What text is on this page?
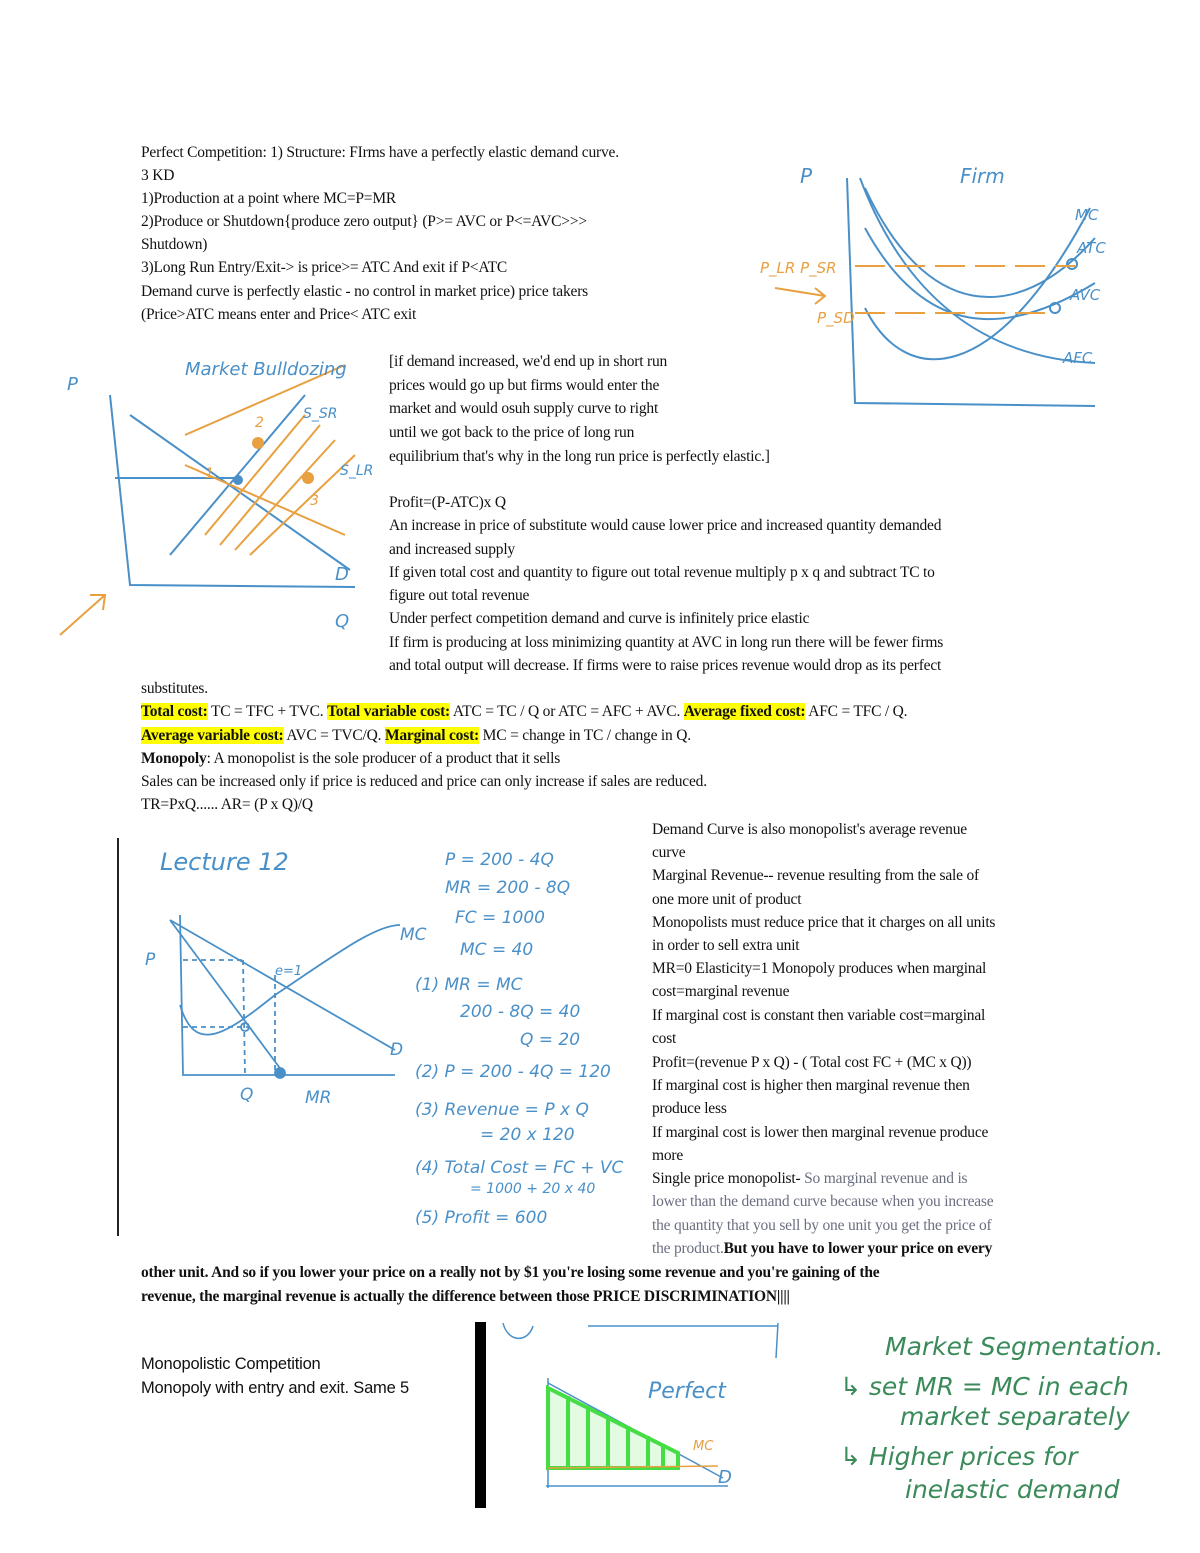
Perfect Competition: 1) Structure: FIrms have a perfectly elastic demand curve.
3 KD
1)Production at a point where MC=P=MR
2)Produce or Shutdown{produce zero output} (P>= AVC or P<=AVC>>>
Shutdown)
3)Long Run Entry/Exit-> is price>= ATC And exit if P<ATC
Demand curve is perfectly elastic - no control in market price) price takers
(Price>ATC means enter and Price< ATC exit
P	Firm
MC
ATC
AVC
AFC
P_LR P_SR
P_SD
P
Market Bulldozing
D
Q
S_SR
S_LR
1
2
3
[if demand increased, we'd end up in short run
prices would go up but firms would enter the
market and would osuh supply curve to right
until we got back to the price of long run
equilibrium that's why in the long run price is perfectly elastic.]
Profit=(P-ATC)x Q
An increase in price of substitute would cause lower price and increased quantity demanded
and increased supply
If given total cost and quantity to figure out total revenue multiply p x q and subtract TC to
figure out total revenue
Under perfect competition demand and curve is infinitely price elastic
If firm is producing at loss minimizing quantity at AVC in long run there will be fewer firms
and total output will decrease. If firms were to raise prices revenue would drop as its perfect
substitutes.
Total cost: TC = TFC + TVC. Total variable cost: ATC = TC / Q or ATC = AFC + AVC. Average fixed cost: AFC = TFC / Q.
Average variable cost: AVC = TVC/Q. Marginal cost: MC = change in TC / change in Q.
Monopoly: A monopolist is the sole producer of a product that it sells
Sales can be increased only if price is reduced and price can only increase if sales are reduced.
TR=PxQ...... AR= (P x Q)/Q
Lecture 12
P
Q	MR
MC
D
e=1
P = 200 - 4Q
MR = 200 - 8Q
FC = 1000
MC = 40
(1) MR = MC
200 - 8Q = 40
Q = 20
(2) P = 200 - 4Q = 120
(3) Revenue = P x Q
= 20 x 120
(4) Total Cost = FC + VC
= 1000 + 20 x 40
(5) Profit = 600
Demand Curve is also monopolist's average revenue
curve
Marginal Revenue-- revenue resulting from the sale of
one more unit of product
Monopolists must reduce price that it charges on all units
in order to sell extra unit
MR=0 Elasticity=1 Monopoly produces when marginal
cost=marginal revenue
If marginal cost is constant then variable cost=marginal
cost
Profit=(revenue P x Q) - ( Total cost FC + (MC x Q))
If marginal cost is higher then marginal revenue then
produce less
If marginal cost is lower then marginal revenue produce
more
Single price monopolist- So marginal revenue and is
lower than the demand curve because when you increase
the quantity that you sell by one unit you get the price of
the product.But you have to lower your price on every
other unit. And so if you lower your price on a really not by $1 you're losing some revenue and you're gaining of the
revenue, the marginal revenue is actually the difference between those PRICE DISCRIMINATION||||
Monopolistic Competition
Monopoly with entry and exit. Same 5	Perfect
MC
D
Market Segmentation.
↳ set MR = MC in each
market separately
↳ Higher prices for
inelastic demand
